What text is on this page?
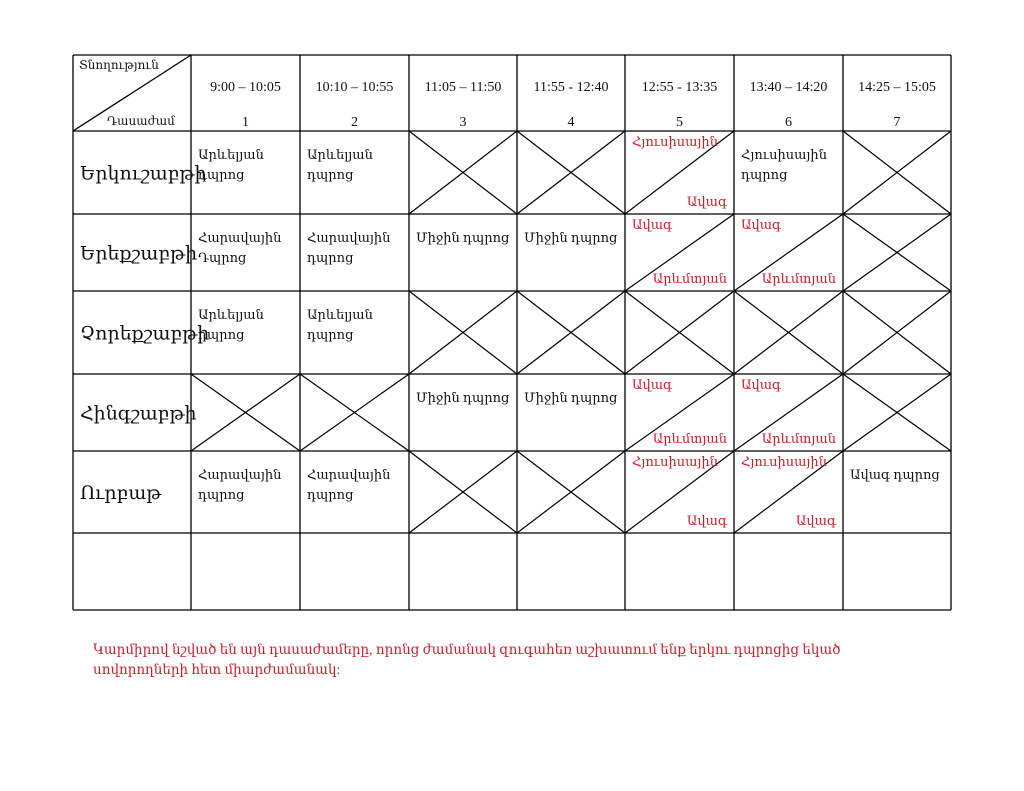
Տնողություն
Դասաժամ
9:00 – 10:05
1
10:10 – 10:55
2
11:05 – 11:50
3
11:55 - 12:40
4
12:55 - 13:35
5
13:40 – 14:20
6
14:25 – 15:05
7
Երկուշաբթի
Արևելյան
դպրոց
Արևելյան
դպրոց
Հյուսիսային
Ավագ
Հյուսիսային
դպրոց
Երեքշաբթի
Հարավային
Դպրոց
Հարավային
դպրոց
Միջին դպրոց Միջին դպրոց
Ավագ
Արևմտյան
Ավագ
Արևմտյան
Չորեքշաբթի
Արևելյան
դպրոց
Արևելյան
դպրոց
Հինգշաբթի
Միջին դպրոց Միջին դպրոց
Ավագ
Արևմտյան
Ավագ
Արևմտյան
Ուրբաթ
Հարավային
դպրոց
Հարավային
դպրոց
Հյուսիսային
Ավագ
Հյուսիսային
Ավագ
Ավագ դպրոց
Կարմիրով նշված են այն դասաժամերը, որոնց ժամանակ զուգահեռ աշխատում ենք երկու դպրոցից եկած սովորողների հետ միարժամանակ:
